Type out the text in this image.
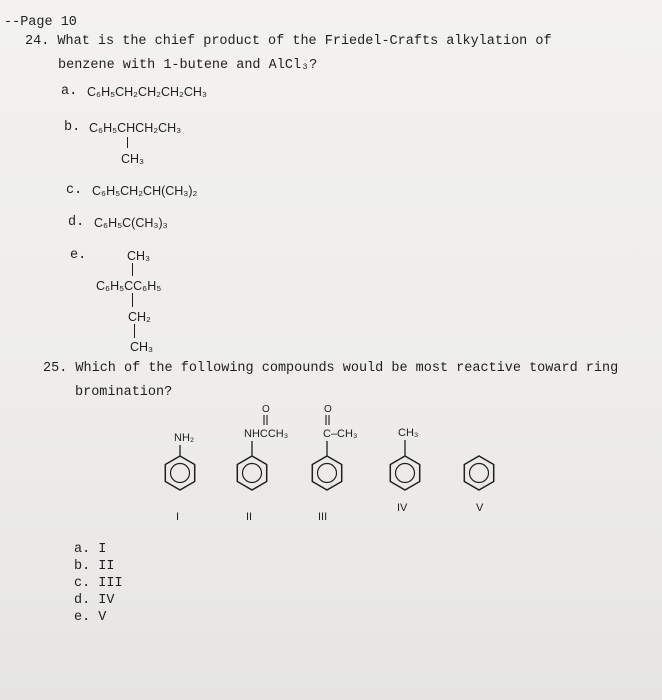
--Page 10
24. What is the chief product of the Friedel-Crafts alkylation of
benzene with 1-butene and AlCl₃?
a. C₆H₅CH₂CH₂CH₂CH₃
b. C₆H₅CHCH₂CH₃
CH₃
c. C₆H₅CH₂CH(CH₃)₂
d. C₆H₅C(CH₃)₃
e.	CH₃
C₆H₅CC₆H₅
CH₂
CH₃
25. Which of the following compounds would be most reactive toward ring
bromination?
NH₂
I
O
NHCCH₃
II
O
C–CH₃
III
CH₃
IV	V
a. I
b. II
c. III
d. IV
e. V
